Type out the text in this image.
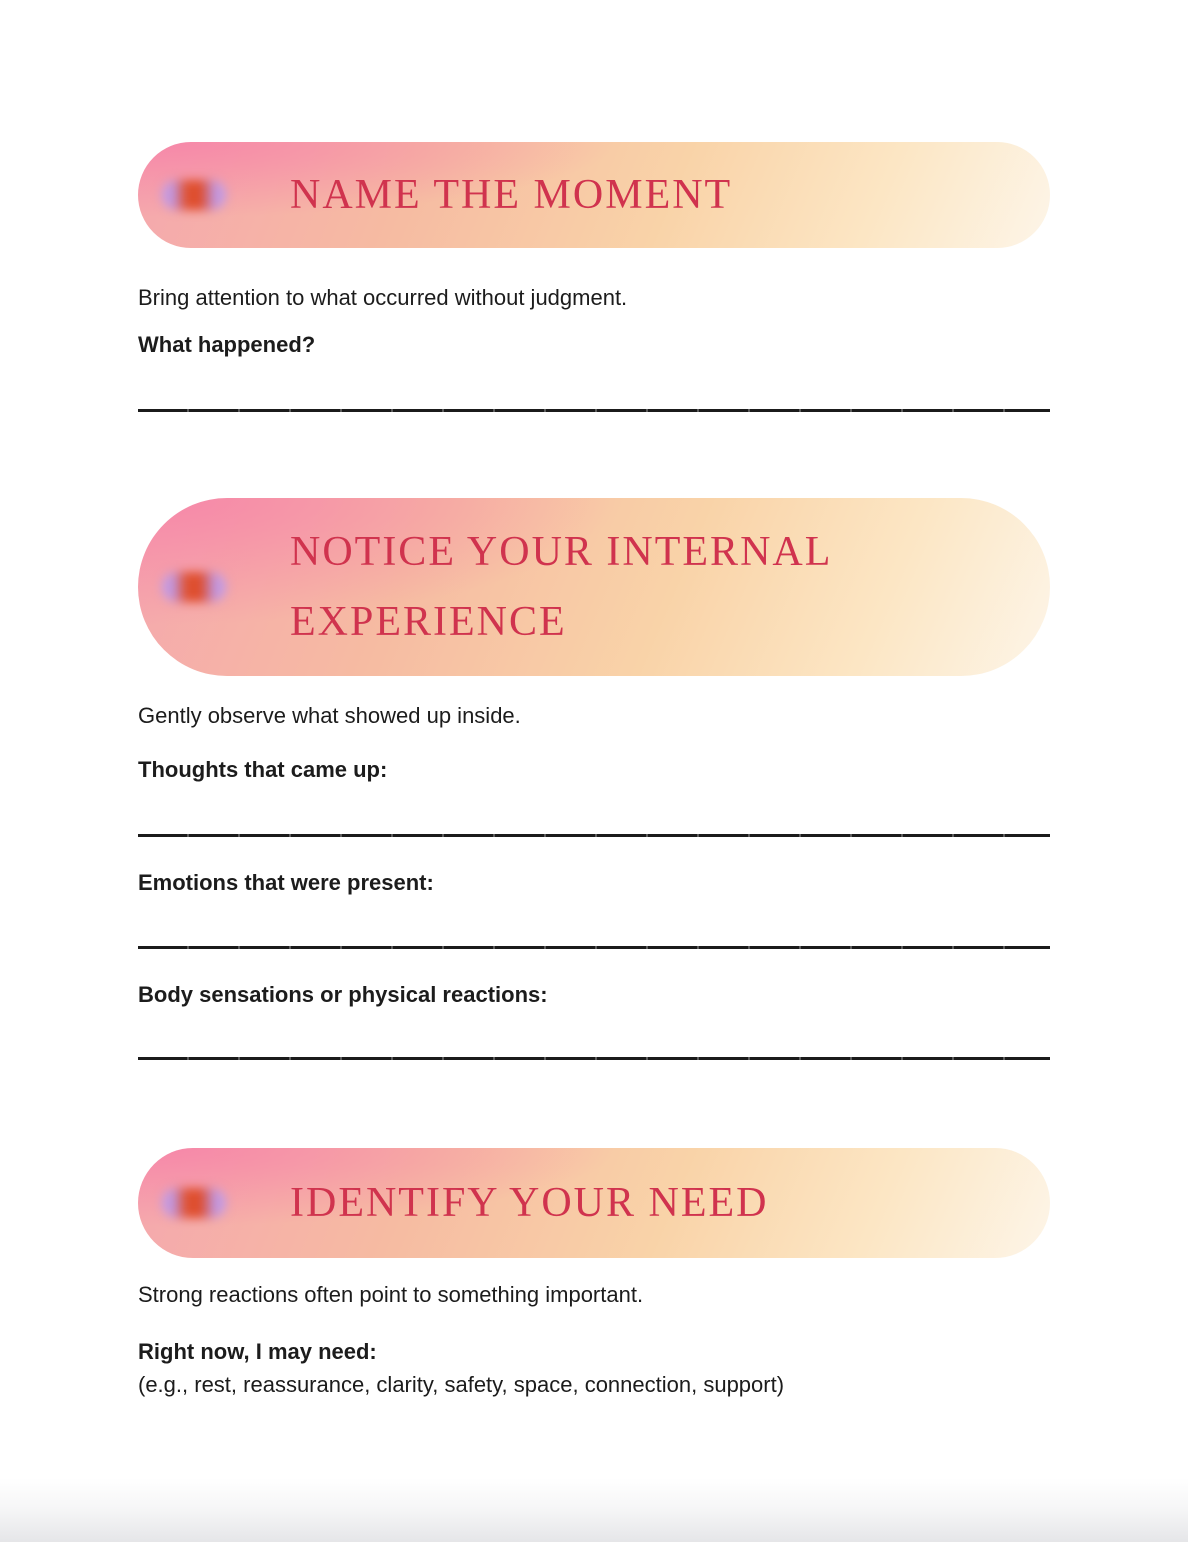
NAME THE MOMENT

Bring attention to what occurred without judgment.

What happened?

NOTICE YOUR INTERNAL EXPERIENCE

Gently observe what showed up inside.

Thoughts that came up:

Emotions that were present:

Body sensations or physical reactions:

IDENTIFY YOUR NEED

Strong reactions often point to something important.

Right now, I may need:

(e.g., rest, reassurance, clarity, safety, space, connection, support)
